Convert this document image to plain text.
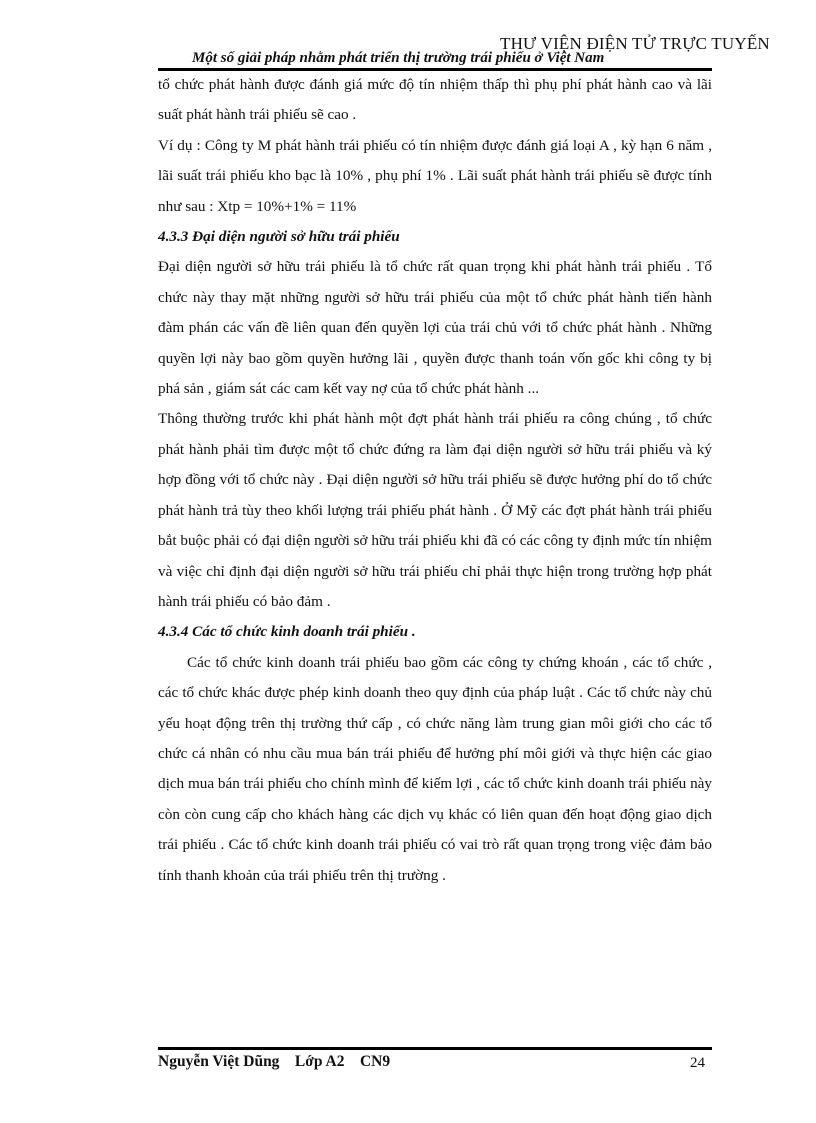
THƯ VIỆN ĐIỆN TỬ TRỰC TUYẾN
Một số giải pháp nhằm phát triển thị trường trái phiếu ở Việt Nam

tổ chức phát hành được đánh giá mức độ tín nhiệm thấp thì phụ phí phát hành cao và lãi suất phát hành trái phiếu sẽ cao .

Ví dụ : Công ty M phát hành trái phiếu có tín nhiệm được đánh giá loại A , kỳ hạn 6 năm , lãi suất trái phiếu kho bạc là 10% , phụ phí 1% . Lãi suất phát hành trái phiếu sẽ được tính như sau : Xtp = 10%+1% = 11%

4.3.3 Đại diện người sở hữu trái phiếu

Đại diện người sở hữu trái phiếu là tổ chức rất quan trọng khi phát hành trái phiếu . Tổ chức này thay mặt những người sở hữu trái phiếu của một tổ chức phát hành tiến hành đàm phán các vấn đề liên quan đến quyền lợi của trái chủ với tổ chức phát hành . Những quyền lợi này bao gồm quyền hưởng lãi , quyền được thanh toán vốn gốc khi công ty bị phá sản , giám sát các cam kết vay nợ của tổ chức phát hành ...

Thông thường trước khi phát hành một đợt phát hành trái phiếu ra công chúng , tổ chức phát hành phải tìm được một tổ chức đứng ra làm đại diện người sở hữu trái phiếu và ký hợp đồng với tổ chức này . Đại diện người sở hữu trái phiếu sẽ được hưởng phí do tổ chức phát hành trả tùy theo khối lượng trái phiếu phát hành . Ở Mỹ các đợt phát hành trái phiếu bắt buộc phải có đại diện người sở hữu trái phiếu khi đã có các công ty định mức tín nhiệm và việc chỉ định đại diện người sở hữu trái phiếu chỉ phải thực hiện trong trường hợp phát hành trái phiếu có bảo đảm .

4.3.4 Các tổ chức kinh doanh trái phiếu .

Các tổ chức kinh doanh trái phiếu bao gồm các công ty chứng khoán , các tổ chức , các tổ chức khác được phép kinh doanh theo quy định của pháp luật . Các tổ chức này chủ yếu hoạt động trên thị trường thứ cấp , có chức năng làm trung gian môi giới cho các tổ chức cá nhân có nhu cầu mua bán trái phiếu để hưởng phí môi giới và thực hiện các giao dịch mua bán trái phiếu cho chính mình để kiếm lợi , các tổ chức kinh doanh trái phiếu này còn còn cung cấp cho khách hàng các dịch vụ khác có liên quan đến hoạt động giao dịch trái phiếu . Các tổ chức kinh doanh trái phiếu có vai trò rất quan trọng trong việc đảm bảo tính thanh khoản của trái phiếu trên thị trường .

Nguyễn Việt Dũng    Lớp A2    CN9	24
